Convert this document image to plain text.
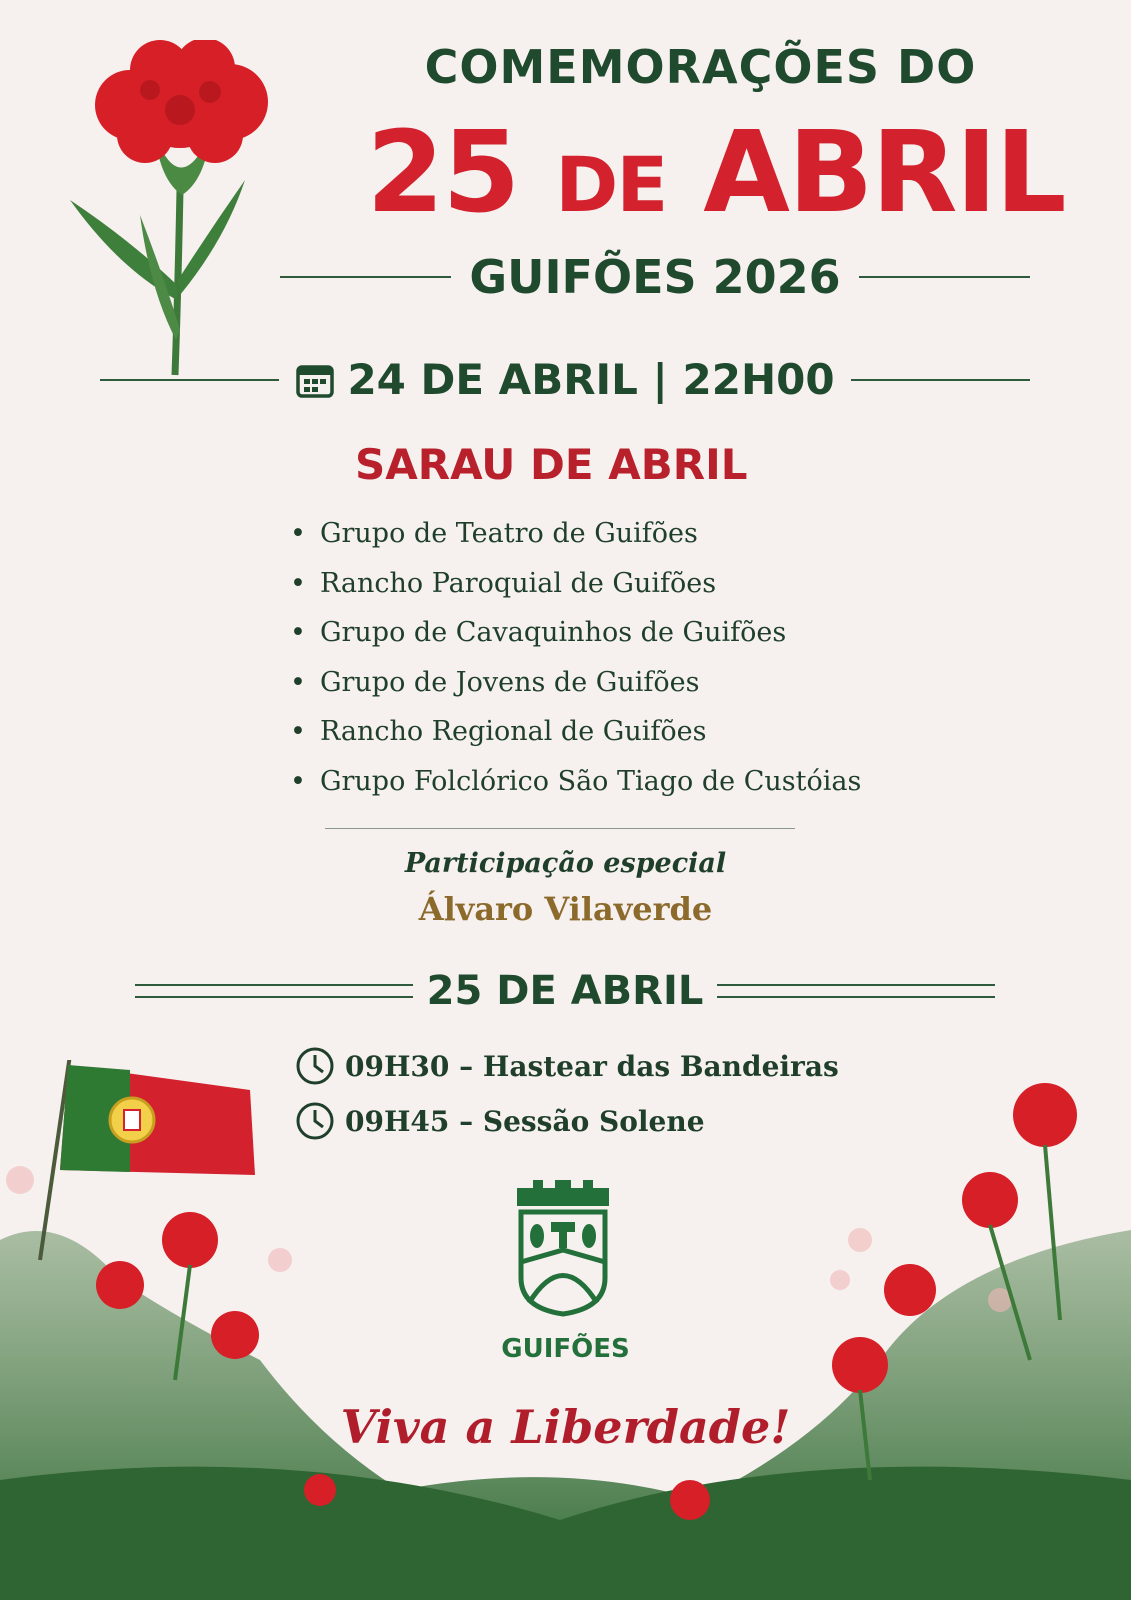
COMEMORAÇÕES DO
25 DE ABRIL
GUIFÕES 2026
24 DE ABRIL | 22H00
SARAU DE ABRIL
• Grupo de Teatro de Guifões
• Rancho Paroquial de Guifões
• Grupo de Cavaquinhos de Guifões
• Grupo de Jovens de Guifões
• Rancho Regional de Guifões
• Grupo Folclórico São Tiago de Custóias
Participação especial
Álvaro Vilaverde
25 DE ABRIL
09H30 – Hastear das Bandeiras
09H45 – Sessão Solene
GUIFÕES
Viva a Liberdade!
